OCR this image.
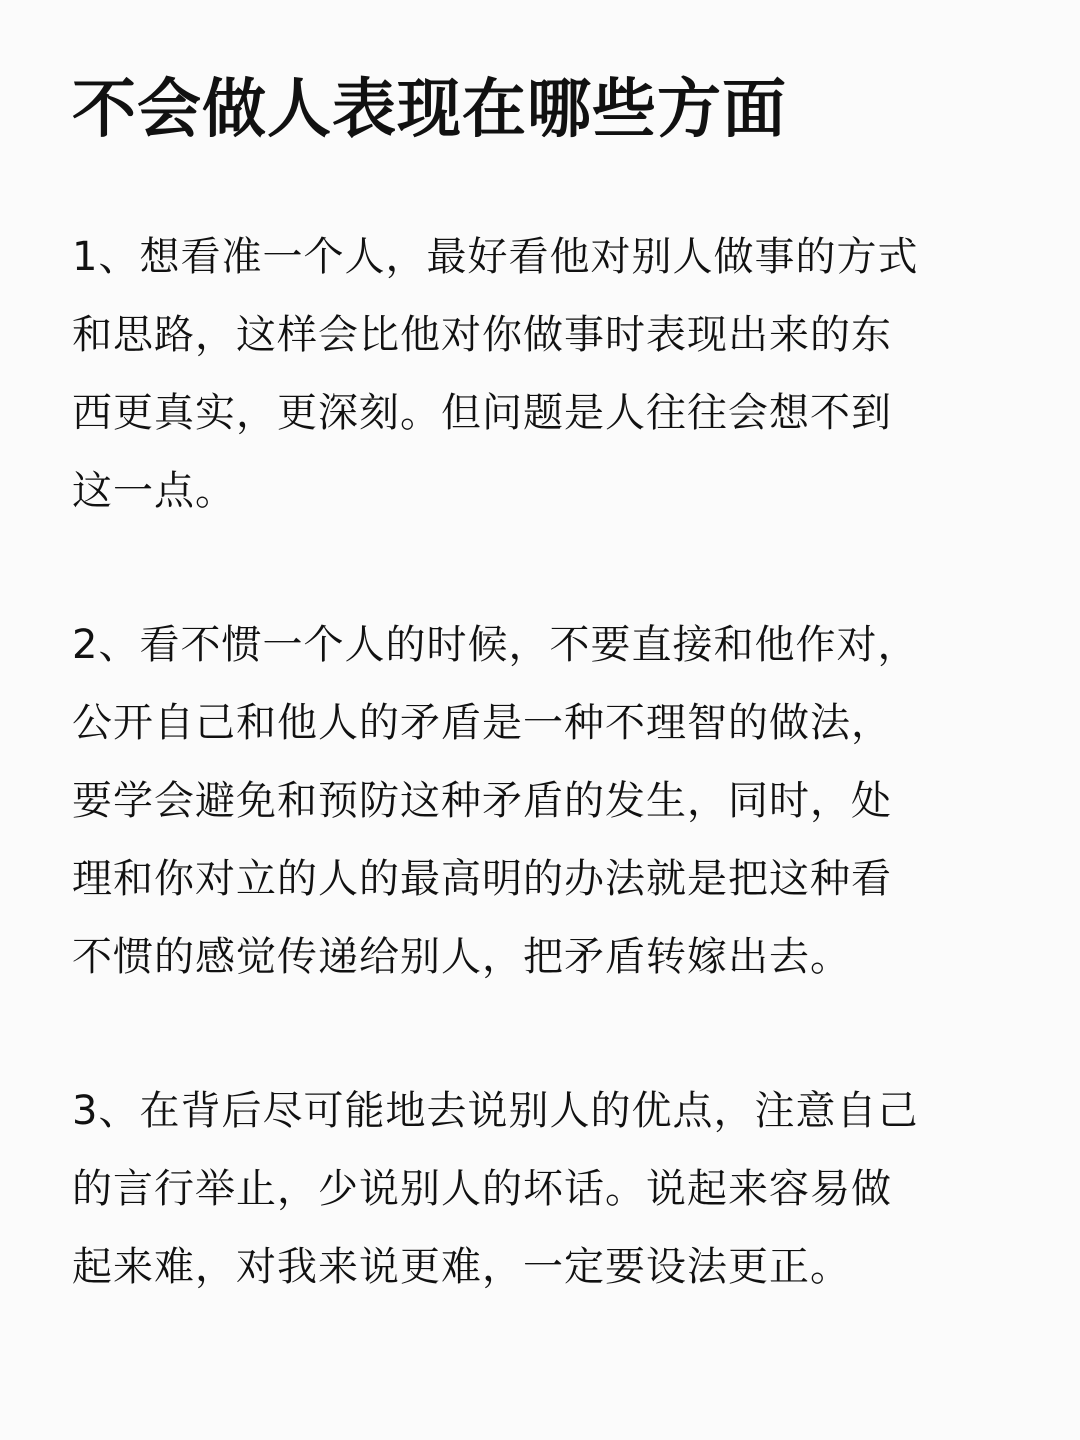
不会做人表现在哪些方面

1、想看准一个人，最好看他对别人做事的方式
和思路，这样会比他对你做事时表现出来的东
西更真实，更深刻。但问题是人往往会想不到
这一点。

2、看不惯一个人的时候，不要直接和他作对，
公开自己和他人的矛盾是一种不理智的做法，
要学会避免和预防这种矛盾的发生，同时，处
理和你对立的人的最高明的办法就是把这种看
不惯的感觉传递给别人，把矛盾转嫁出去。

3、在背后尽可能地去说别人的优点，注意自己
的言行举止，少说别人的坏话。说起来容易做
起来难，对我来说更难，一定要设法更正。
